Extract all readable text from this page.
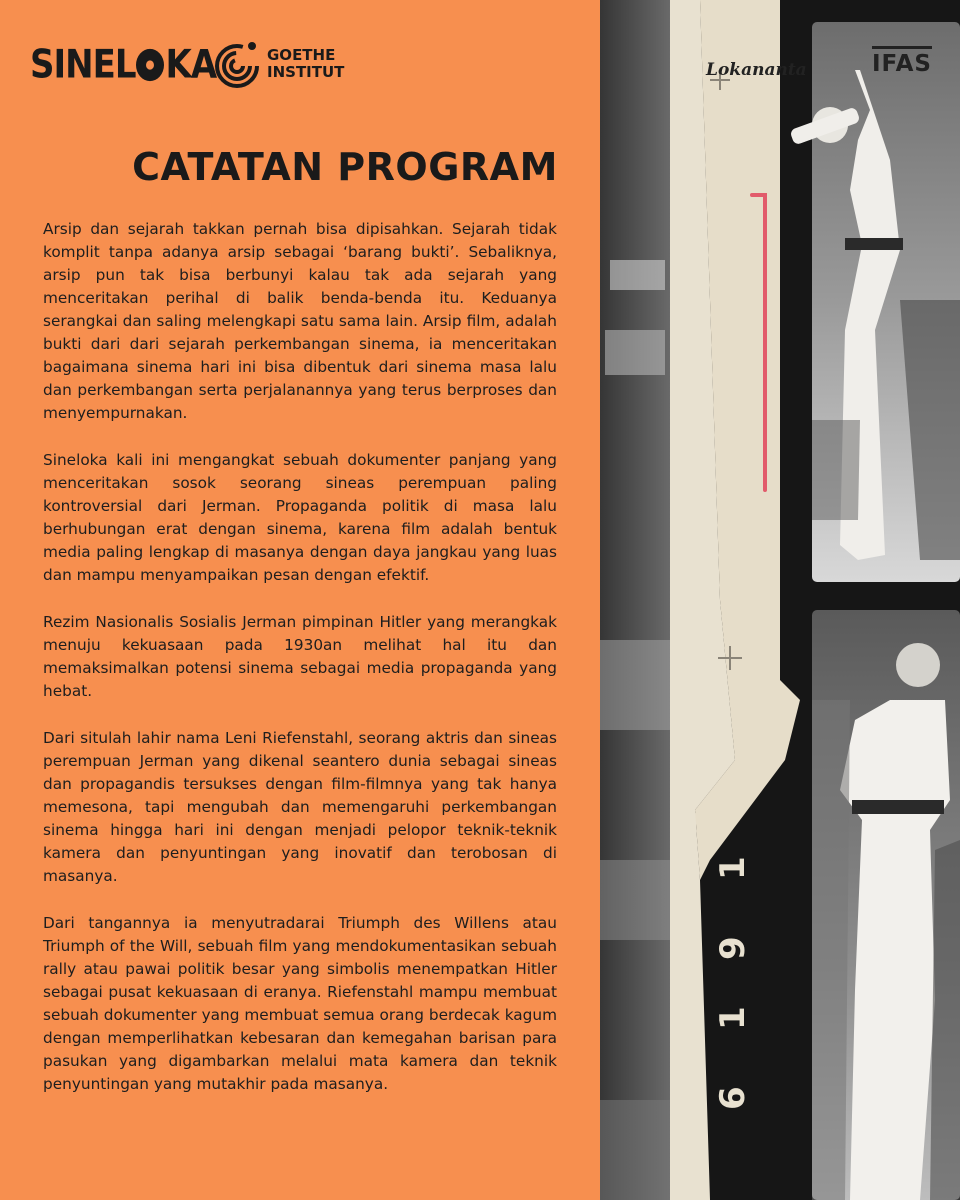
SINEL KA	GOETHE
INSTITUT
CATATAN PROGRAM

Arsip dan sejarah takkan pernah bisa dipisahkan. Sejarah tidak komplit tanpa adanya arsip sebagai ‘barang bukti’. Sebaliknya, arsip pun tak bisa berbunyi kalau tak ada sejarah yang menceritakan perihal di balik benda-benda itu. Keduanya serangkai dan saling melengkapi satu sama lain. Arsip film, adalah bukti dari dari sejarah perkembangan sinema, ia menceritakan bagaimana sinema hari ini bisa dibentuk dari sinema masa lalu dan perkembangan serta perjalanannya yang terus berproses dan menyempurnakan.

Sineloka kali ini mengangkat sebuah dokumenter panjang yang menceritakan sosok seorang sineas perempuan paling kontroversial dari Jerman. Propaganda politik di masa lalu berhubungan erat dengan sinema, karena film adalah bentuk media paling lengkap di masanya dengan daya jangkau yang luas dan mampu menyampaikan pesan dengan efektif.

Rezim Nasionalis Sosialis Jerman pimpinan Hitler yang merangkak menuju kekuasaan pada 1930an melihat hal itu dan memaksimalkan potensi sinema sebagai media propaganda yang hebat.

Dari situlah lahir nama Leni Riefenstahl, seorang aktris dan sineas perempuan Jerman yang dikenal seantero dunia sebagai sineas dan propagandis tersukses dengan film-filmnya yang tak hanya memesona, tapi mengubah dan memengaruhi perkembangan sinema hingga hari ini dengan menjadi pelopor teknik-teknik kamera dan penyuntingan yang inovatif dan terobosan di masanya.

Dari tangannya ia menyutradarai Triumph des Willens atau Triumph of the Will, sebuah film yang mendokumentasikan sebuah rally atau pawai politik besar yang simbolis menempatkan Hitler sebagai pusat kekuasaan di eranya. Riefenstahl mampu membuat sebuah dokumenter yang membuat semua orang berdecak kagum dengan memperlihatkan kebesaran dan kemegahan barisan para pasukan yang digambarkan melalui mata kamera dan teknik penyuntingan yang mutakhir pada masanya.

6
1
9
1
Lokananta	IFAS
